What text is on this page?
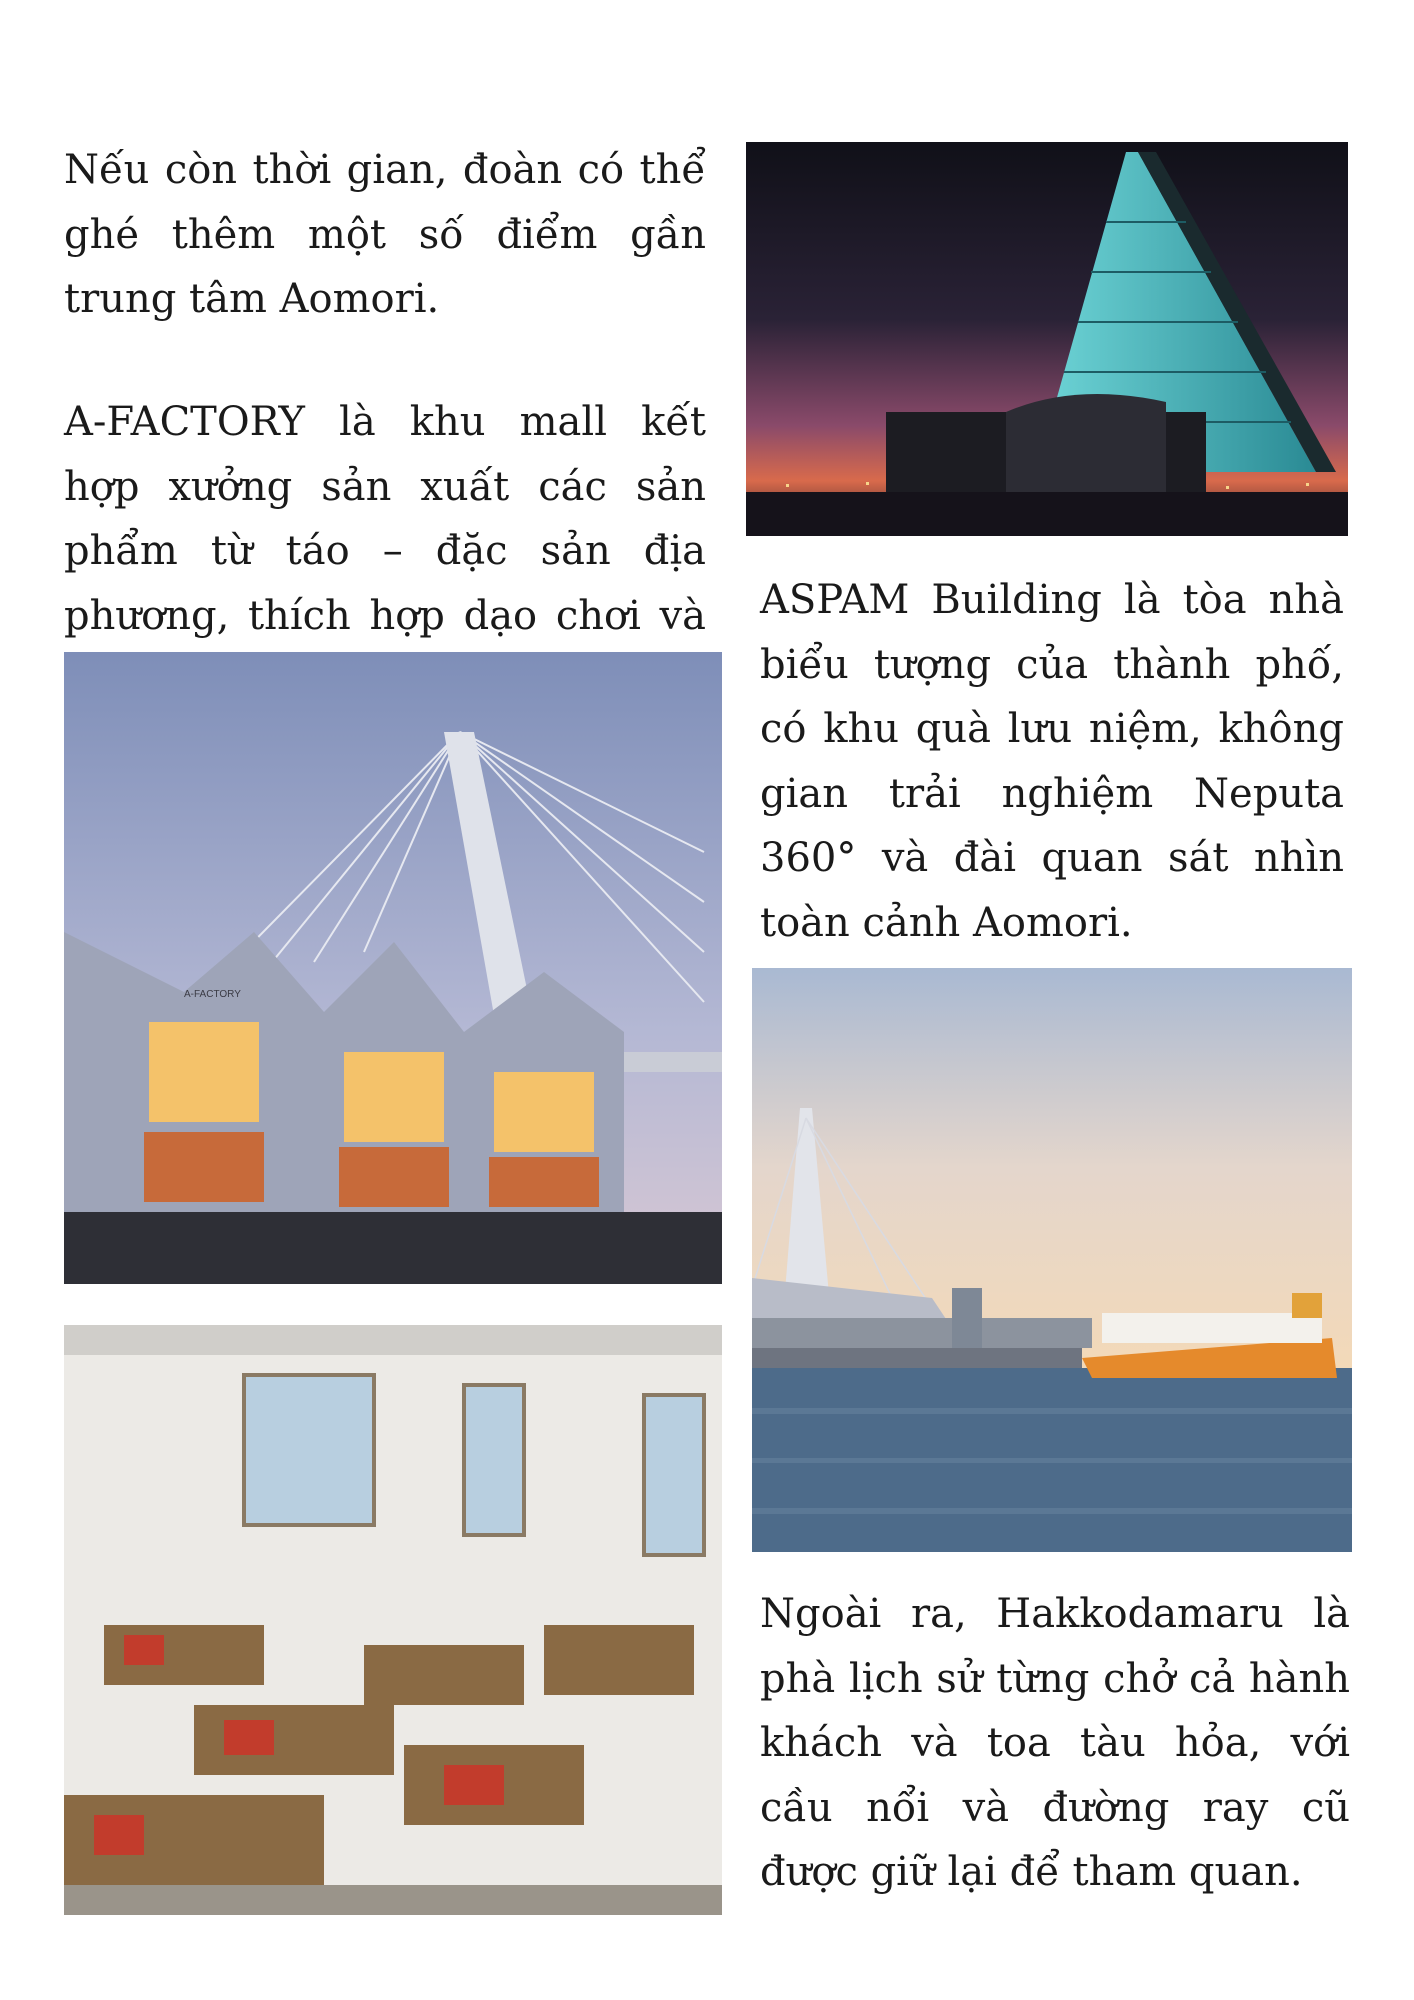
Nếu còn thời gian, đoàn có thể ghé thêm một số điểm gần trung tâm Aomori.

A-FACTORY là khu mall kết hợp xưởng sản xuất các sản phẩm từ táo – đặc sản địa phương, thích hợp dạo chơi và ASPAM Building là tòa nhà biểu tượng của thành phố, có khu quà lưu niệm, không gian trải nghiệm Neputa 360° và đài quan sát nhìn toàn cảnh Aomori.

Ngoài ra, Hakkodamaru là phà lịch sử từng chở cả hành khách và toa tàu hỏa, với cầu nổi và đường ray cũ được giữ lại để tham quan.

A-FACTORY
